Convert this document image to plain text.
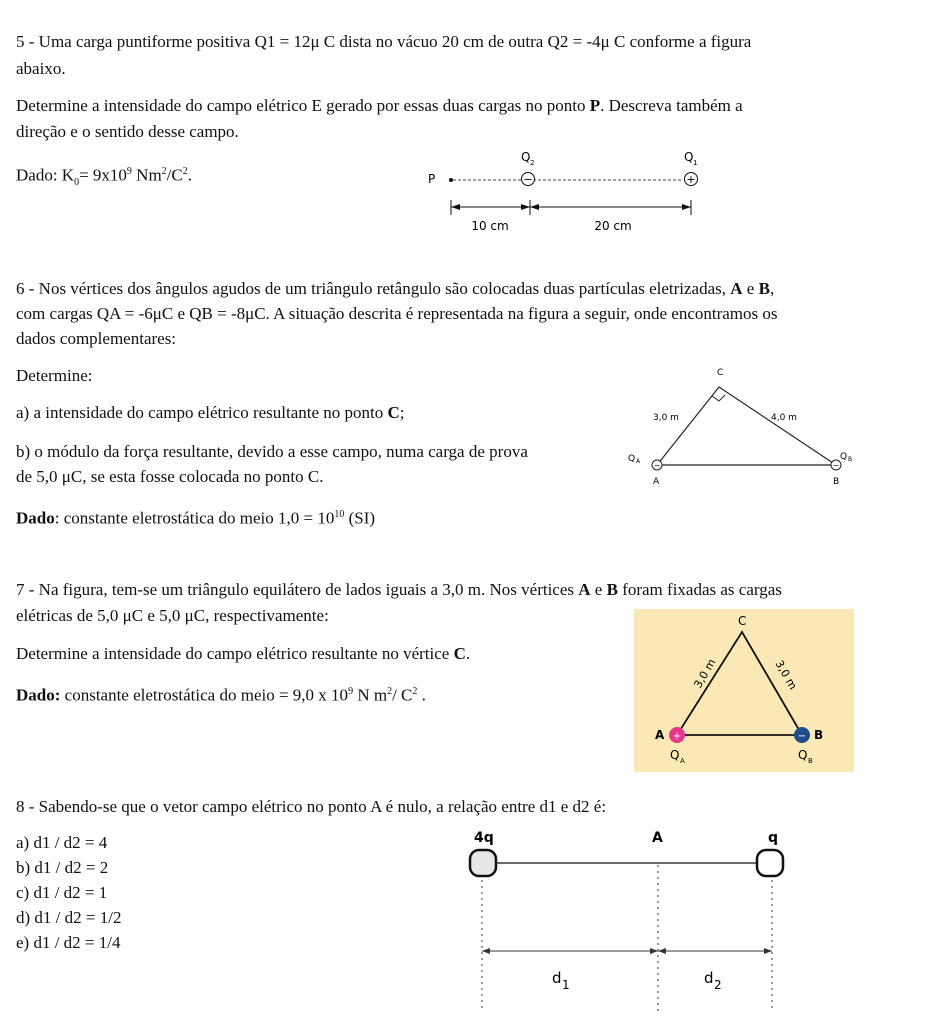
5 - Uma carga puntiforme positiva Q1 = 12μ C dista no vácuo 20 cm de outra Q2 = -4μ C conforme a figura

abaixo.

Determine a intensidade do campo elétrico E gerado por essas duas cargas no ponto P. Descreva também a

direção e o sentido desse campo.

Dado: $K_0= 9x10^9$ $Nm^2/C^2$.	P
Q 2
−
Q 1
+
10 cm	20 cm

6 - Nos vértices dos ângulos agudos de um triângulo retângulo são colocadas duas partículas eletrizadas, A e B,

com cargas QA = -6μC e QB = -8μC. A situação descrita é representada na figura a seguir, onde encontramos os

dados complementares:

Determine:

a) a intensidade do campo elétrico resultante no ponto C;

b) o módulo da força resultante, devido a esse campo, numa carga de prova

de 5,0 μC, se esta fosse colocada no ponto C.

Dado: constante eletrostática do meio $1,0 = 10^{10}$ (SI)

C
3,0 m	4,0 m
Q A	Q B
−	−
A	B

7 - Na figura, tem-se um triângulo equilátero de lados iguais a 3,0 m. Nos vértices A e B foram fixadas as cargas

elétricas de 5,0 μC e 5,0 μC, respectivamente:

Determine a intensidade do campo elétrico resultante no vértice C.

Dado: constante eletrostática do meio = 9,0 x $10^9$ N $m^2/$ $C^2$ .

C
3,0 m	3,0 m
+	−
A	B
Q A	Q B

8 - Sabendo-se que o vetor campo elétrico no ponto A é nulo, a relação entre d1 e d2 é:

a) d1 / d2 = 4
b) d1 / d2 = 2
c) d1 / d2 = 1
d) d1 / d2 = 1/2
e) d1 / d2 = 1/4
4q	A	q
d 1	d 2
